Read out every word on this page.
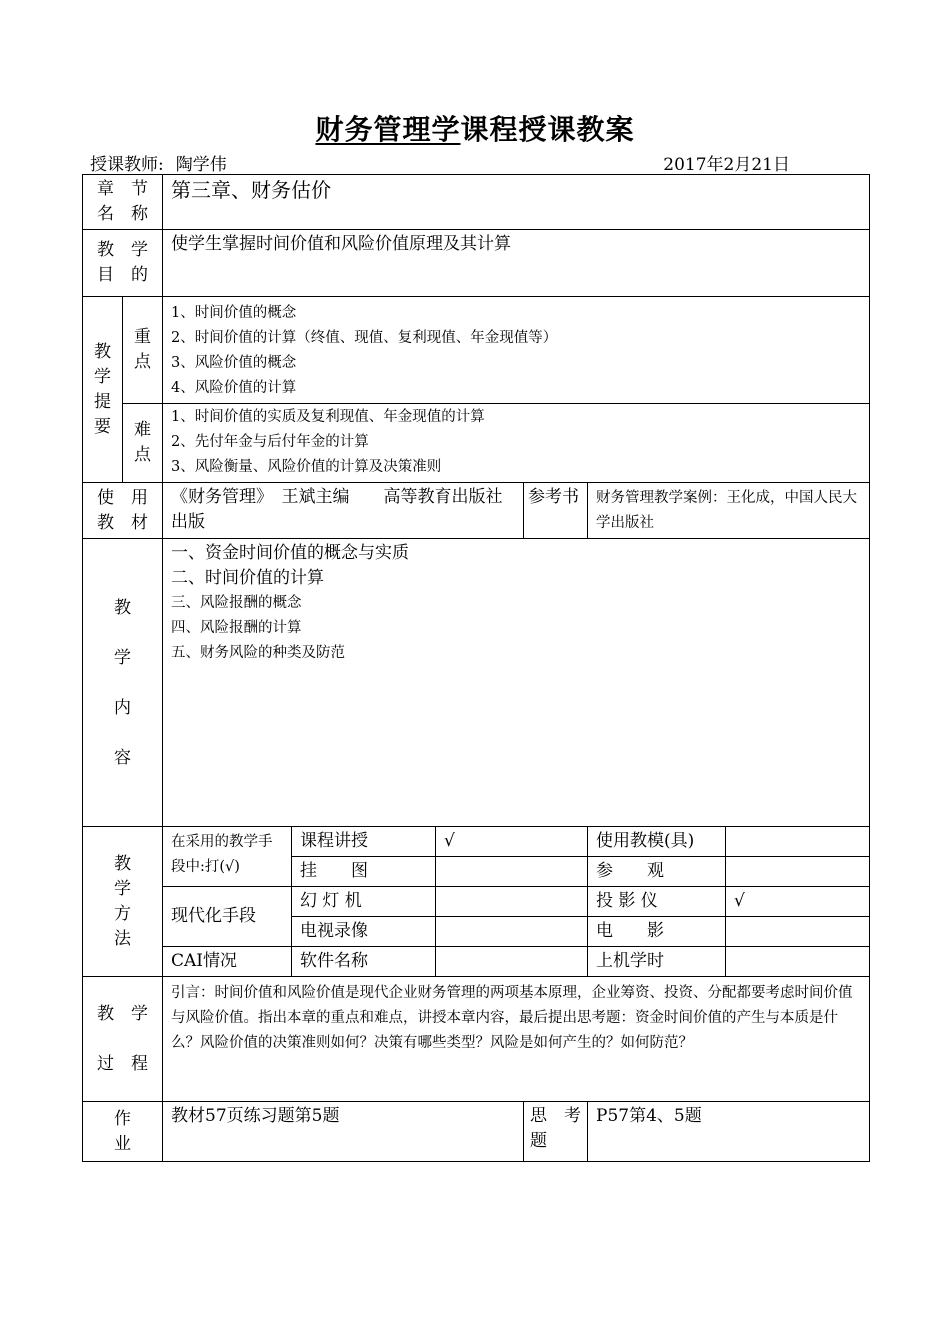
财务管理学课程授课教案
授课教师: 陶学伟	2017年2月21日
章　节
名　称		第三章、财务估价					

教　学
目　的		使学生掌握时间价值和风险价值原理及其计算					

教
学
提
要	重
点	1、时间价值的概念
2、时间价值的计算（终值、现值、复利现值、年金现值等）
3、风险价值的概念
4、风险价值的计算					

	难
点	1、时间价值的实质及复利现值、年金现值的计算
2、先付年金与后付年金的计算
3、风险衡量、风险价值的计算及决策准则					

使　用
教　材		《财务管理》　王斌主编　　高等教育出版社出版			参考书	财务管理教学案例：王化成，中国人民大学出版社	

教
学
内
容		一、资金时间价值的概念与实质
二、时间价值的计算
三、风险报酬的概念
四、风险报酬的计算
五、财务风险的种类及防范					

教
学
方
法		在采用的教学手段中:打(√)	课程讲授	√		使用教模(具)	
			挂　　图			参　　观	
		现代化手段	幻 灯 机			投 影 仪	√
			电视录像			电　　影	
		CAI情况	软件名称			上机学时	

教　学
过　程		引言：时间价值和风险价值是现代企业财务管理的两项基本原理，企业筹资、投资、分配都要考虑时间价值与风险价值。指出本章的重点和难点，讲授本章内容，最后提出思考题：资金时间价值的产生与本质是什么？风险价值的决策准则如何？决策有哪些类型？风险是如何产生的？如何防范？					

作
业		教材57页练习题第5题			思　考
题	P57第4、5题	
